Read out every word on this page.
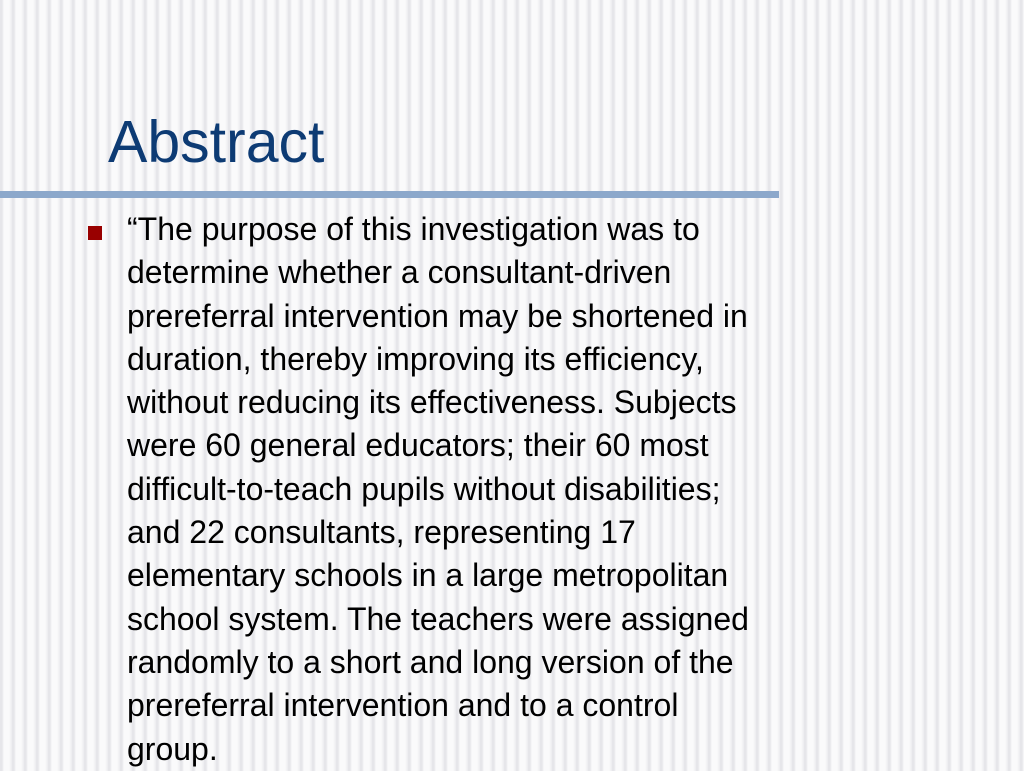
Abstract
“The purpose of this investigation was to
determine whether a consultant-driven
prereferral intervention may be shortened in
duration, thereby improving its efficiency,
without reducing its effectiveness. Subjects
were 60 general educators; their 60 most
difficult-to-teach pupils without disabilities;
and 22 consultants, representing 17
elementary schools in a large metropolitan
school system. The teachers were assigned
randomly to a short and long version of the
prereferral intervention and to a control
group.
